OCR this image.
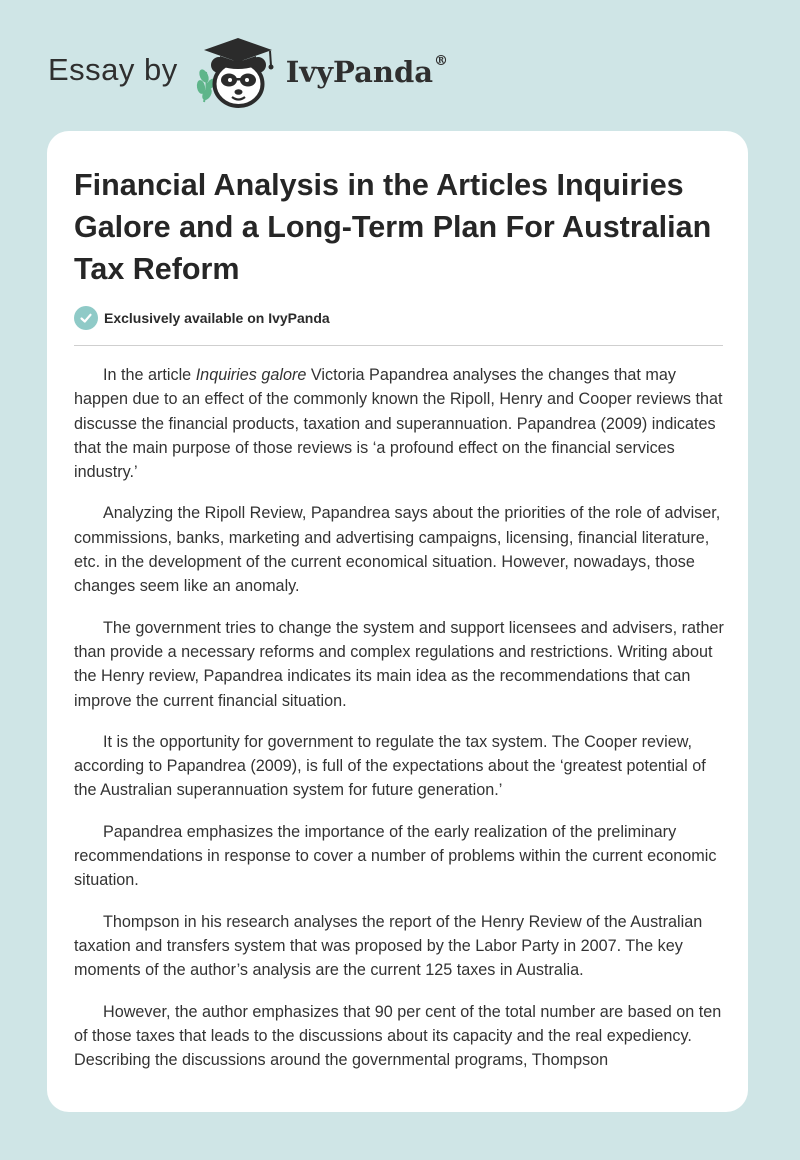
Essay by	IvyPanda®
Financial Analysis in the Articles Inquiries Galore and a Long-Term Plan For Australian Tax Reform
Exclusively available on IvyPanda

In the article Inquiries galore Victoria Papandrea analyses the changes that may happen due to an effect of the commonly known the Ripoll, Henry and Cooper reviews that discusse the financial products, taxation and superannuation. Papandrea (2009) indicates that the main purpose of those reviews is ‘a profound effect on the financial services industry.’

Analyzing the Ripoll Review, Papandrea says about the priorities of the role of adviser, commissions, banks, marketing and advertising campaigns, licensing, financial literature, etc. in the development of the current economical situation. However, nowadays, those changes seem like an anomaly.

The government tries to change the system and support licensees and advisers, rather than provide a necessary reforms and complex regulations and restrictions. Writing about the Henry review, Papandrea indicates its main idea as the recommendations that can improve the current financial situation.

It is the opportunity for government to regulate the tax system. The Cooper review, according to Papandrea (2009), is full of the expectations about the ‘greatest potential of the Australian superannuation system for future generation.’

Papandrea emphasizes the importance of the early realization of the preliminary recommendations in response to cover a number of problems within the current economic situation.

Thompson in his research analyses the report of the Henry Review of the Australian taxation and transfers system that was proposed by the Labor Party in 2007. The key moments of the author’s analysis are the current 125 taxes in Australia.

However, the author emphasizes that 90 per cent of the total number are based on ten of those taxes that leads to the discussions about its capacity and the real expediency. Describing the discussions around the governmental programs, Thompson
